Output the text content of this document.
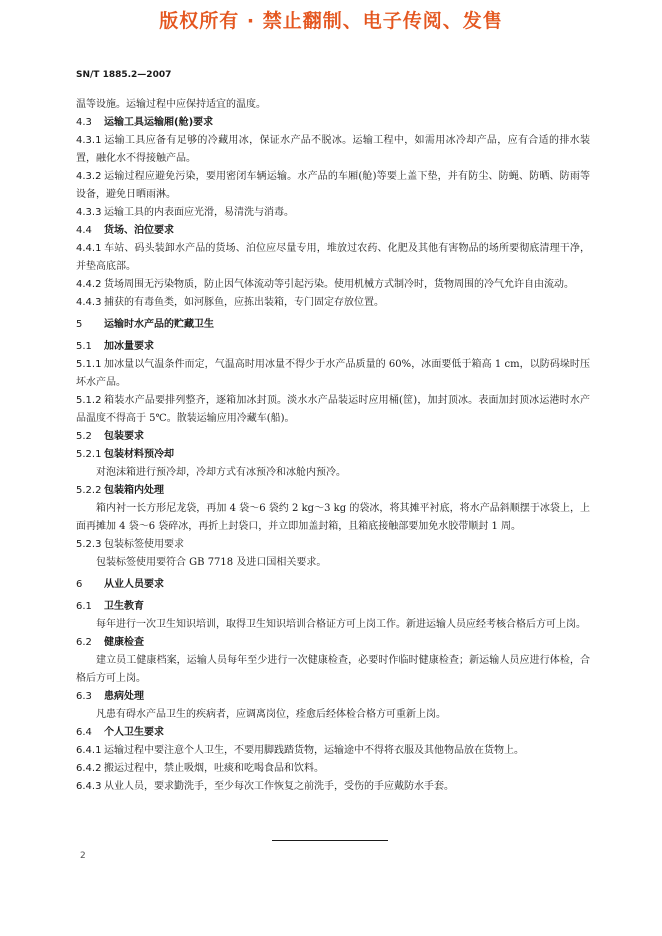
版权所有 · 禁止翻制、电子传阅、发售
SN/T 1885.2—2007

温等设施。运输过程中应保持适宜的温度。

4.3 运输工具运输厢(舱)要求

4.3.1 运输工具应备有足够的冷藏用冰，保证水产品不脱冰。运输工程中，如需用冰冷却产品，应有合适的排水装置，融化水不得接触产品。

4.3.2 运输过程应避免污染，要用密闭车辆运输。水产品的车厢(舱)等要上盖下垫，并有防尘、防蝇、防晒、防雨等设备，避免日晒雨淋。

4.3.3 运输工具的内表面应光滑，易清洗与消毒。

4.4 货场、泊位要求

4.4.1 车站、码头装卸水产品的货场、泊位应尽量专用，堆放过农药、化肥及其他有害物品的场所要彻底清理干净，并垫高底部。

4.4.2 货场周围无污染物质，防止因气体流动等引起污染。使用机械方式制冷时，货物周围的冷气允许自由流动。

4.4.3 捕获的有毒鱼类，如河豚鱼，应拣出装箱，专门固定存放位置。

5 运输时水产品的贮藏卫生

5.1 加冰量要求

5.1.1 加冰量以气温条件而定，气温高时用冰量不得少于水产品质量的 60%，冰面要低于箱高 1 cm，以防码垛时压坏水产品。

5.1.2 箱装水产品要排列整齐，逐箱加冰封顶。淡水水产品装运时应用桶(筐)，加封顶冰。表面加封顶冰运港时水产品温度不得高于 5℃。散装运输应用冷藏车(船)。

5.2 包装要求

5.2.1 包装材料预冷却

对泡沫箱进行预冷却，冷却方式有冰预冷和冰舱内预冷。

5.2.2 包装箱内处理

箱内衬一长方形尼龙袋，再加 4 袋～6 袋约 2 kg～3 kg 的袋冰，将其摊平衬底，将水产品斜顺摆于冰袋上，上面再摊加 4 袋～6 袋碎冰，再折上封袋口，并立即加盖封箱，且箱底接触部要加免水胶带顺封 1 周。

5.2.3 包装标签使用要求

包装标签使用要符合 GB 7718 及进口国相关要求。

6 从业人员要求

6.1 卫生教育

每年进行一次卫生知识培训，取得卫生知识培训合格证方可上岗工作。新进运输人员应经考核合格后方可上岗。

6.2 健康检查

建立员工健康档案，运输人员每年至少进行一次健康检查，必要时作临时健康检查；新运输人员应进行体检，合格后方可上岗。

6.3 患病处理

凡患有碍水产品卫生的疾病者，应调离岗位，痊愈后经体检合格方可重新上岗。

6.4 个人卫生要求

6.4.1 运输过程中要注意个人卫生，不要用脚践踏货物，运输途中不得将衣服及其他物品放在货物上。

6.4.2 搬运过程中，禁止吸烟，吐痰和吃喝食品和饮料。

6.4.3 从业人员，要求勤洗手，至少每次工作恢复之前洗手，受伤的手应戴防水手套。

2
